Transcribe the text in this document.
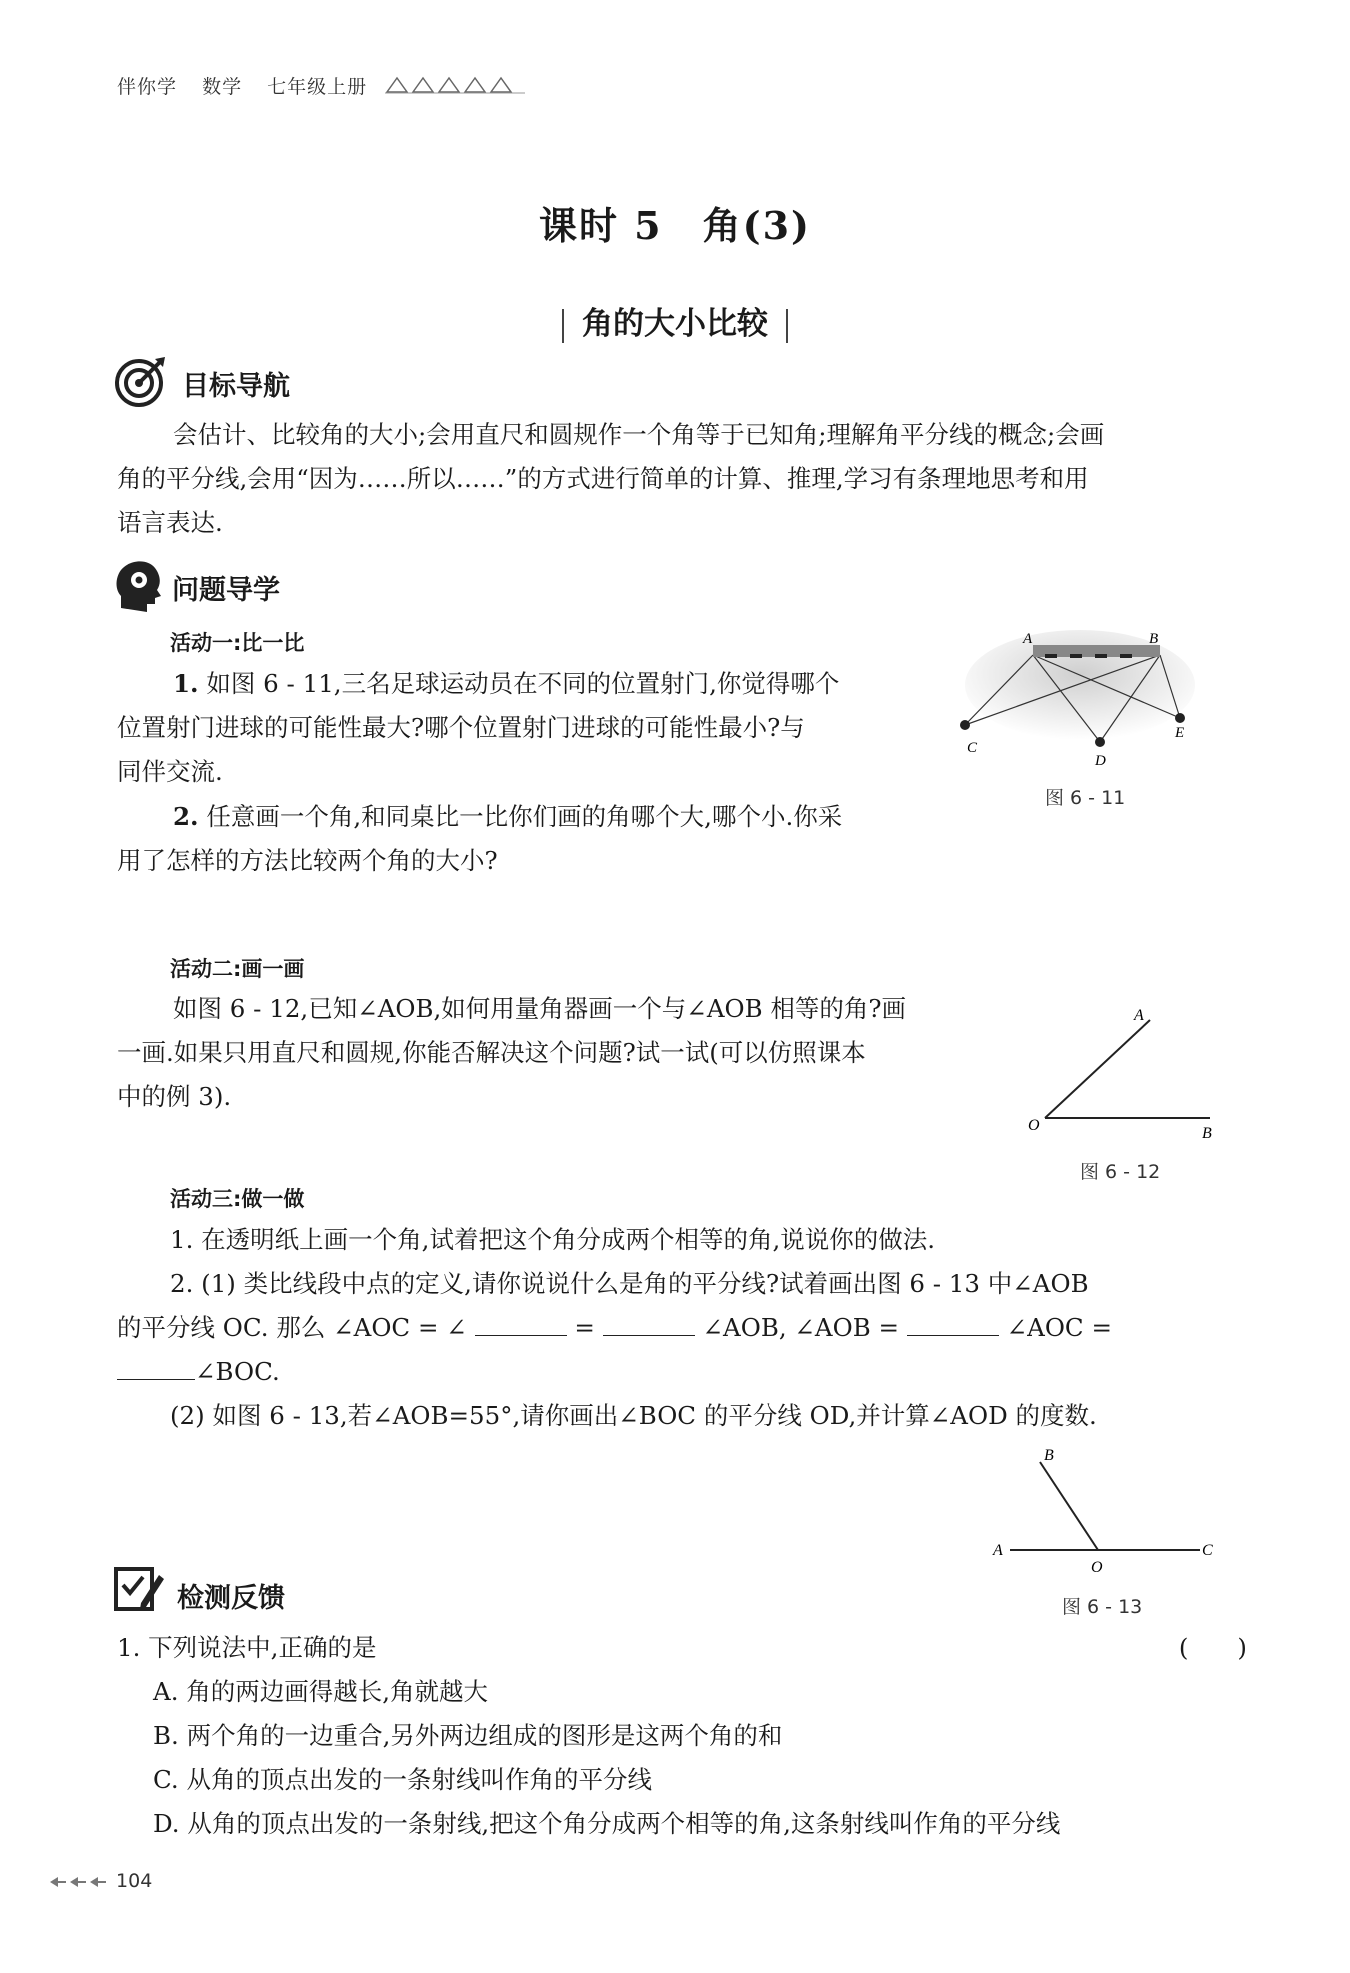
伴你学 数学 七年级上册
课时 5　角(3)
角的大小比较
目标导航
会估计、比较角的大小;会用直尺和圆规作一个角等于已知角;理解角平分线的概念;会画
角的平分线,会用“因为……所以……”的方式进行简单的计算、推理,学习有条理地思考和用
语言表达.
问题导学
活动一:比一比
1. 如图 6 - 11,三名足球运动员在不同的位置射门,你觉得哪个
位置射门进球的可能性最大?哪个位置射门进球的可能性最小?与
同伴交流.
2. 任意画一个角,和同桌比一比你们画的角哪个大,哪个小.你采
用了怎样的方法比较两个角的大小?
A	B
C
D
E
图 6 - 11
活动二:画一画
如图 6 - 12,已知∠AOB,如何用量角器画一个与∠AOB 相等的角?画
一画.如果只用直尺和圆规,你能否解决这个问题?试一试(可以仿照课本
中的例 3).
A
O	B
图 6 - 12
活动三:做一做
1. 在透明纸上画一个角,试着把这个角分成两个相等的角,说说你的做法.
2. (1) 类比线段中点的定义,请你说说什么是角的平分线?试着画出图 6 - 13 中∠AOB
的平分线 OC. 那么 ∠AOC = ∠	=	∠AOB, ∠AOB =	∠AOC =
∠BOC.
(2) 如图 6 - 13,若∠AOB=55°,请你画出∠BOC 的平分线 OD,并计算∠AOD 的度数.
B
A
O
C
图 6 - 13
检测反馈
1. 下列说法中,正确的是	(　　)
A. 角的两边画得越长,角就越大
B. 两个角的一边重合,另外两边组成的图形是这两个角的和
C. 从角的顶点出发的一条射线叫作角的平分线
D. 从角的顶点出发的一条射线,把这个角分成两个相等的角,这条射线叫作角的平分线
104
